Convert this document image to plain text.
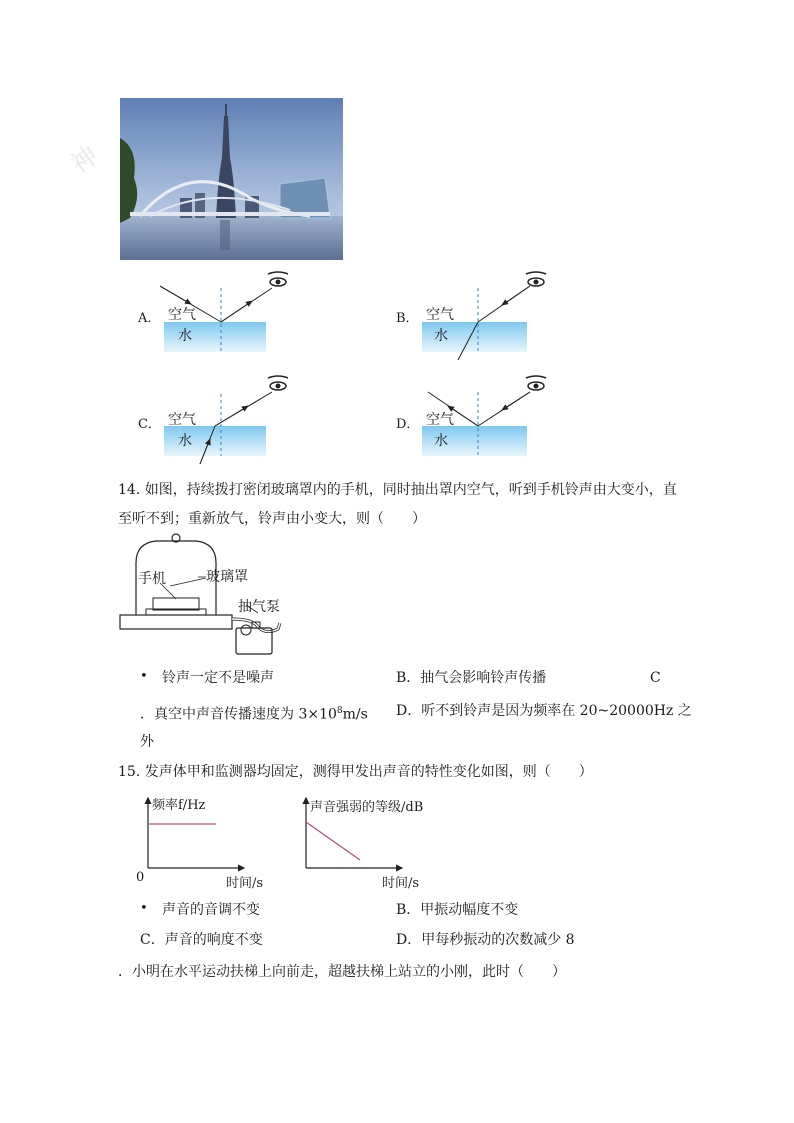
神
A． 空气
水
B． 空气
水
C． 空气
水
D． 空气
水
14. 如图，持续拨打密闭玻璃罩内的手机，同时抽出罩内空气，听到手机铃声由大变小，直
至听不到；重新放气，铃声由小变大，则（　　）
手机	玻璃罩
抽气泵
• 铃声一定不是噪声	B．抽气会影响铃声传播	C
．真空中声音传播速度为 $3\times 10^8m/s$ D．听不到铃声是因为频率在 20~20000Hz 之
外
15. 发声体甲和监测器均固定，测得甲发出声音的特性变化如图，则（　　）
频率f/Hz
0	时间/s
声音强弱的等级/dB
时间/s
• 声音的音调不变	B．甲振动幅度不变
C．声音的响度不变	D．甲每秒振动的次数减少 8
．小明在水平运动扶梯上向前走，超越扶梯上站立的小刚，此时（　　）
